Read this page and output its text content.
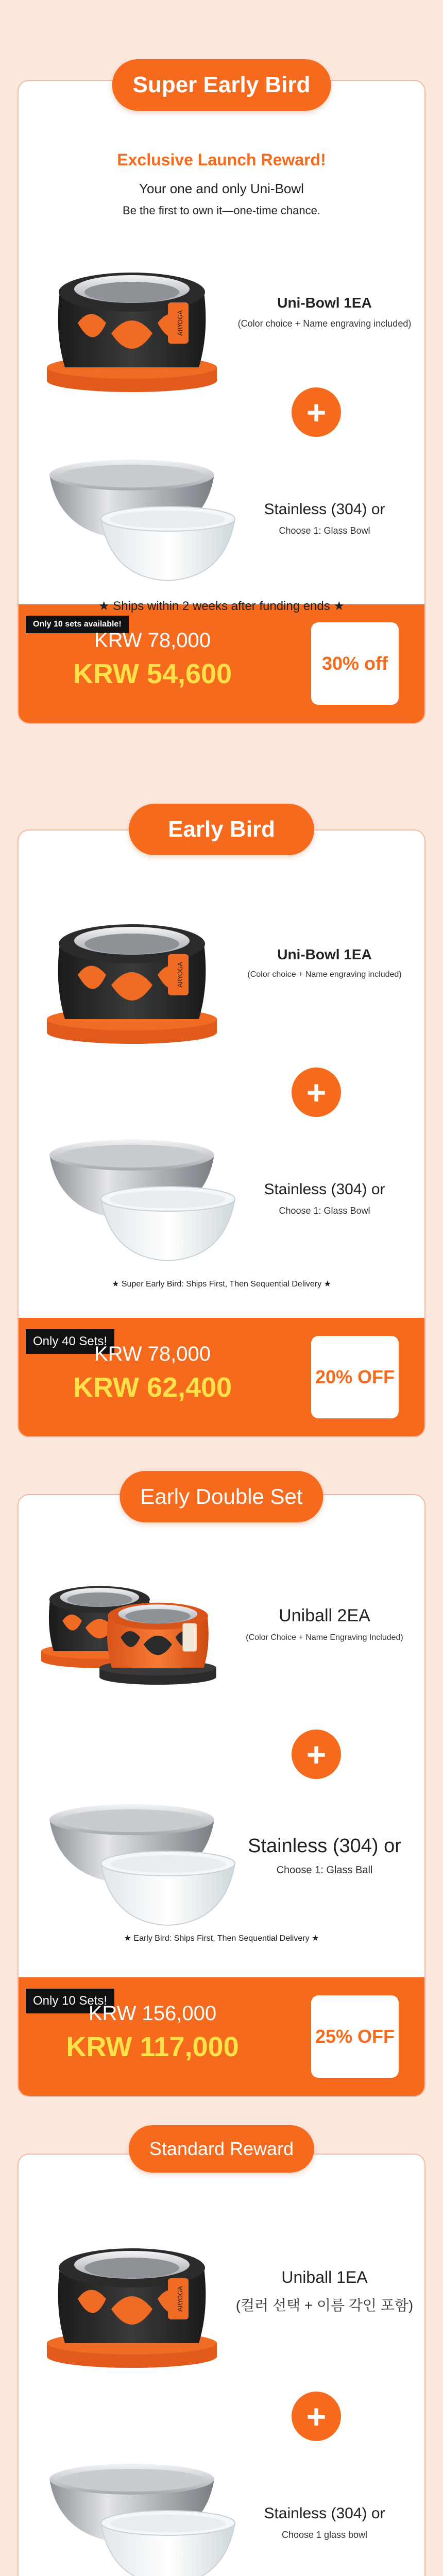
Only 10 sets available!
KRW 78,000
KRW 54,600	30% off
Exclusive Launch Reward!
Your one and only Uni-Bowl
Be the first to own it—one-time chance.
Uni-Bowl 1EA
(Color choice + Name engraving included)
+
Stainless (304) or
Choose 1: Glass Bowl
★ Ships within 2 weeks after funding ends ★
Super Early Bird
Only 40 Sets!
KRW 78,000
KRW 62,400	20% OFF
Uni-Bowl 1EA
(Color choice + Name engraving included)
+
Stainless (304) or
Choose 1: Glass Bowl
★ Super Early Bird: Ships First, Then Sequential Delivery ★
Early Bird
Only 10 Sets!
KRW 156,000
KRW 117,000	25% OFF
Uniball 2EA
(Color Choice + Name Engraving Included)
+
Stainless (304) or
Choose 1: Glass Ball
★ Early Bird: Ships First, Then Sequential Delivery ★
Early Double Set
Uniball 1EA
(컬러 선택 + 이름 각인 포함)
+
Stainless (304) or
Choose 1 glass bowl
Standard Reward
